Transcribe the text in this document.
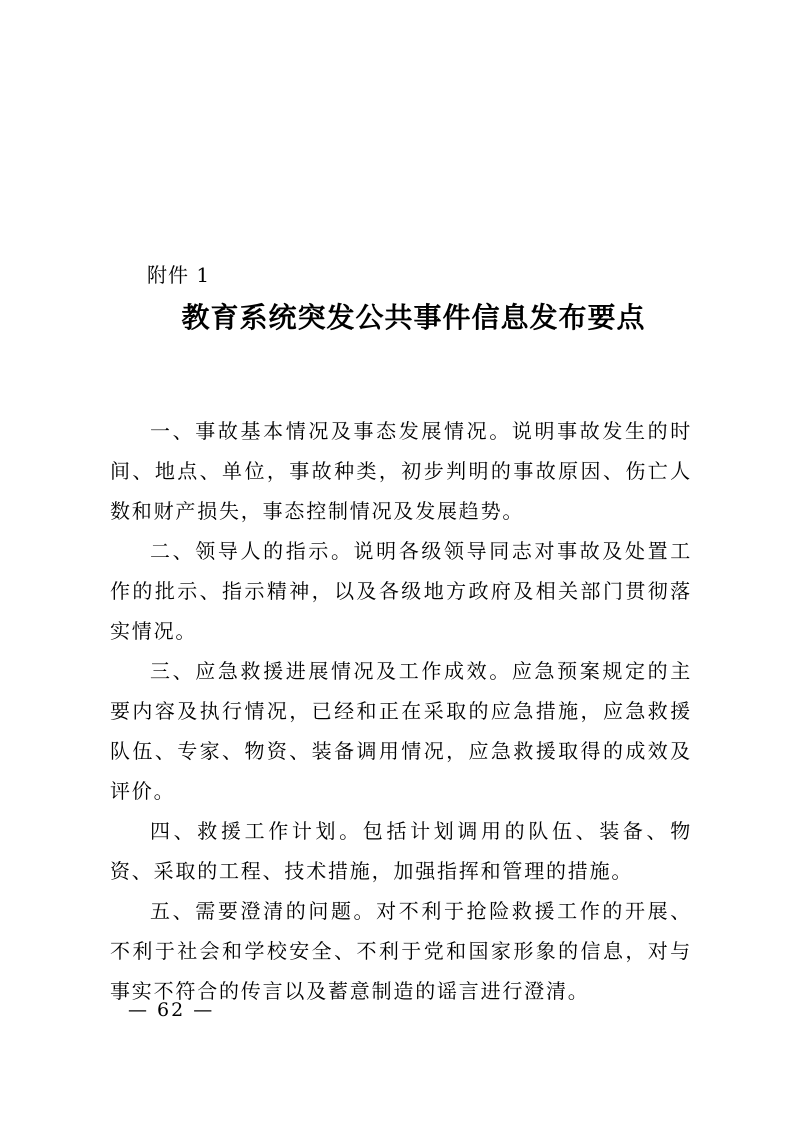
附件 1
教育系统突发公共事件信息发布要点

一、事故基本情况及事态发展情况。说明事故发生的时间、地点、单位，事故种类，初步判明的事故原因、伤亡人数和财产损失，事态控制情况及发展趋势。

二、领导人的指示。说明各级领导同志对事故及处置工作的批示、指示精神，以及各级地方政府及相关部门贯彻落实情况。

三、应急救援进展情况及工作成效。应急预案规定的主要内容及执行情况，已经和正在采取的应急措施，应急救援队伍、专家、物资、装备调用情况，应急救援取得的成效及评价。

四、救援工作计划。包括计划调用的队伍、装备、物资、采取的工程、技术措施，加强指挥和管理的措施。

五、需要澄清的问题。对不利于抢险救援工作的开展、不利于社会和学校安全、不利于党和国家形象的信息，对与事实不符合的传言以及蓄意制造的谣言进行澄清。

— 62 —
